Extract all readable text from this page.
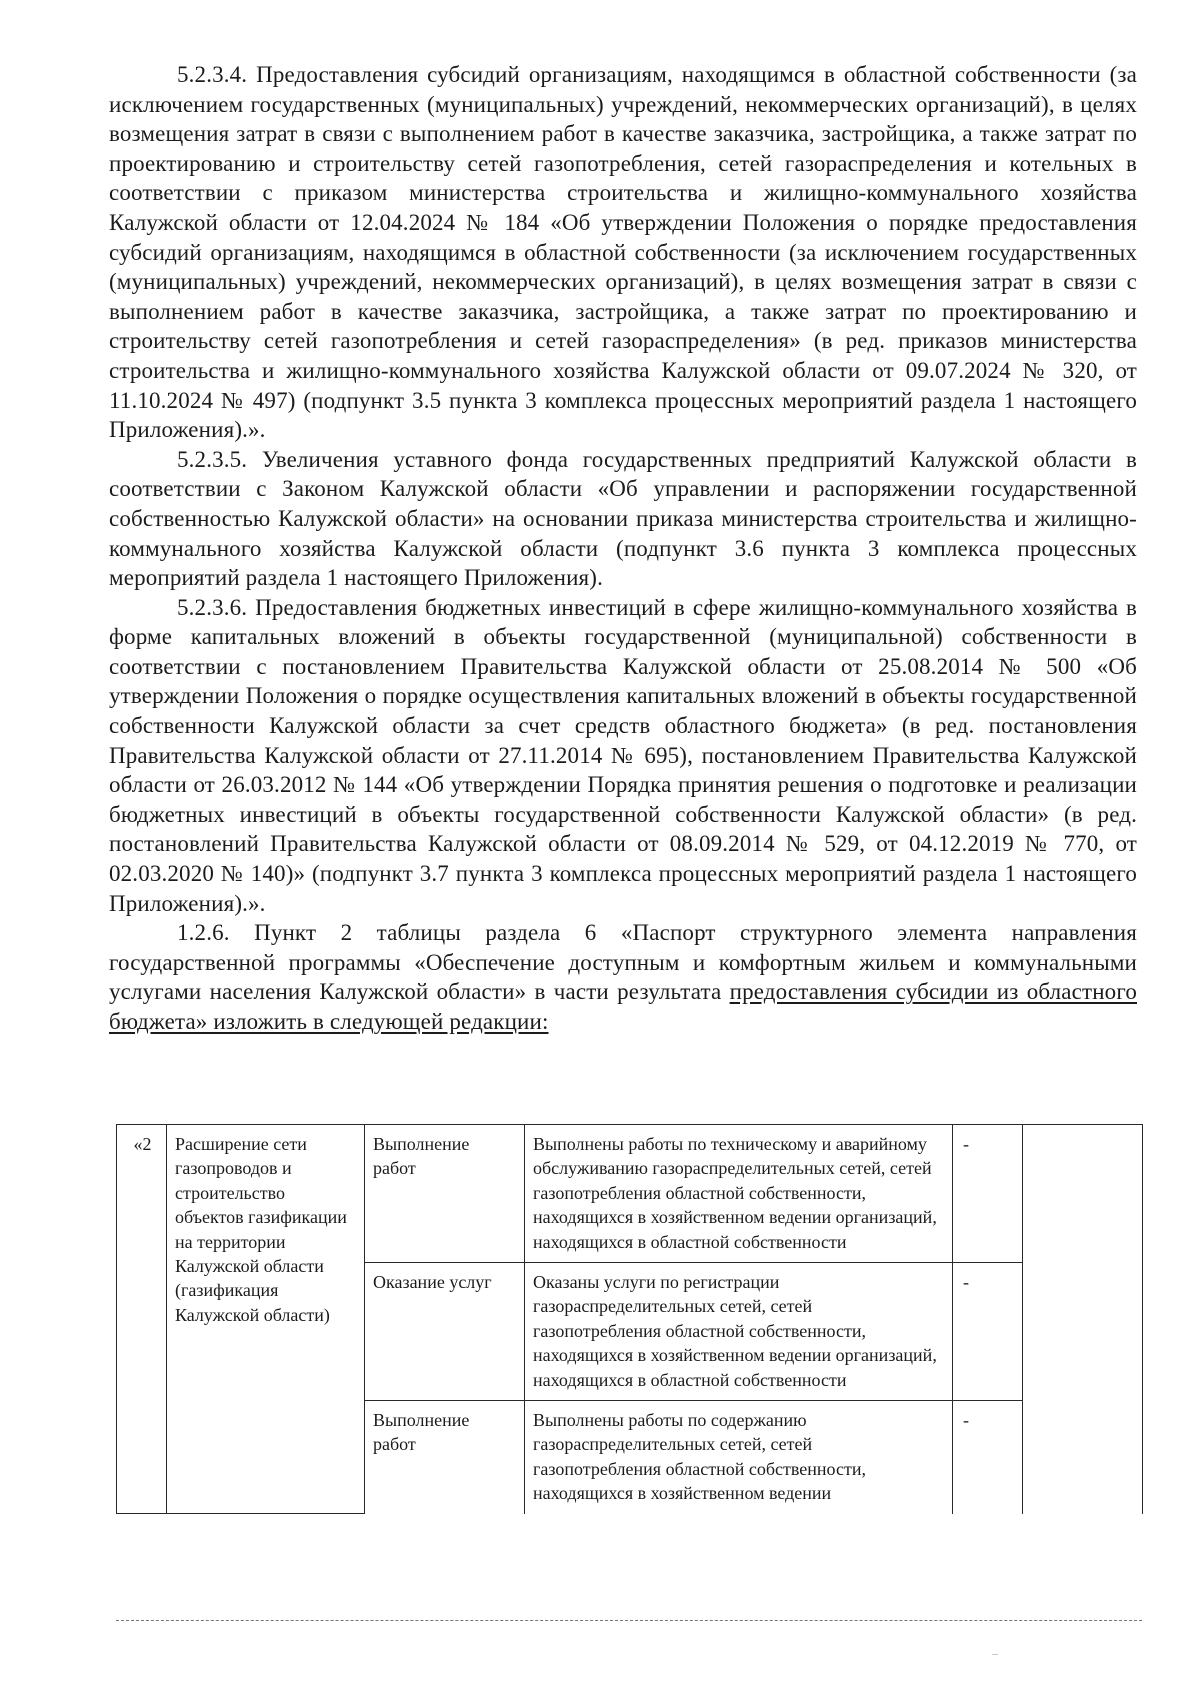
5.2.3.4. Предоставления субсидий организациям, находящимся в областной собственности (за исключением государственных (муниципальных) учреждений, некоммерческих организаций), в целях возмещения затрат в связи с выполнением работ в качестве заказчика, застройщика, а также затрат по проектированию и строительству сетей газопотребления, сетей газораспределения и котельных в соответствии с приказом министерства строительства и жилищно-коммунального хозяйства Калужской области от 12.04.2024 № 184 «Об утверждении Положения о порядке предоставления субсидий организациям, находящимся в областной собственности (за исключением государственных (муниципальных) учреждений, некоммерческих организаций), в целях возмещения затрат в связи с выполнением работ в качестве заказчика, застройщика, а также затрат по проектированию и строительству сетей газопотребления и сетей газораспределения» (в ред. приказов министерства строительства и жилищно-коммунального хозяйства Калужской области от 09.07.2024 № 320, от 11.10.2024 № 497) (подпункт 3.5 пункта 3 комплекса процессных мероприятий раздела 1 настоящего Приложения).».

5.2.3.5. Увеличения уставного фонда государственных предприятий Калужской области в соответствии с Законом Калужской области «Об управлении и распоряжении государственной собственностью Калужской области» на основании приказа министерства строительства и жилищно-коммунального хозяйства Калужской области (подпункт 3.6 пункта 3 комплекса процессных мероприятий раздела 1 настоящего Приложения).

5.2.3.6. Предоставления бюджетных инвестиций в сфере жилищно-коммунального хозяйства в форме капитальных вложений в объекты государственной (муниципальной) собственности в соответствии с постановлением Правительства Калужской области от 25.08.2014 № 500 «Об утверждении Положения о порядке осуществления капитальных вложений в объекты государственной собственности Калужской области за счет средств областного бюджета» (в ред. постановления Правительства Калужской области от 27.11.2014 № 695), постановлением Правительства Калужской области от 26.03.2012 № 144 «Об утверждении Порядка принятия решения о подготовке и реализации бюджетных инвестиций в объекты государственной собственности Калужской области» (в ред. постановлений Правительства Калужской области от 08.09.2014 № 529, от 04.12.2019 № 770, от 02.03.2020 № 140)» (подпункт 3.7 пункта 3 комплекса процессных мероприятий раздела 1 настоящего Приложения).».

1.2.6. Пункт 2 таблицы раздела 6 «Паспорт структурного элемента направления государственной программы «Обеспечение доступным и комфортным жильем и коммунальными услугами населения Калужской области» в части результата предоставления субсидии из областного бюджета» изложить в следующей редакции:

«2	Расширение сети газопроводов и строительство объектов газификации на территории Калужской области (газификация Калужской области)	Выполнение работ	Выполнены работы по техническому и аварийному обслуживанию газораспределительных сетей, сетей газопотребления областной собственности, находящихся в хозяйственном ведении организаций, находящихся в областной собственности	-	
		Оказание услуг	Оказаны услуги по регистрации газораспределительных сетей, сетей газопотребления областной собственности, находящихся в хозяйственном ведении организаций, находящихся в областной собственности	-	
		Выполнение работ	Выполнены работы по содержанию газораспределительных сетей, сетей газопотребления областной собственности, находящихся в хозяйственном ведении	-	
